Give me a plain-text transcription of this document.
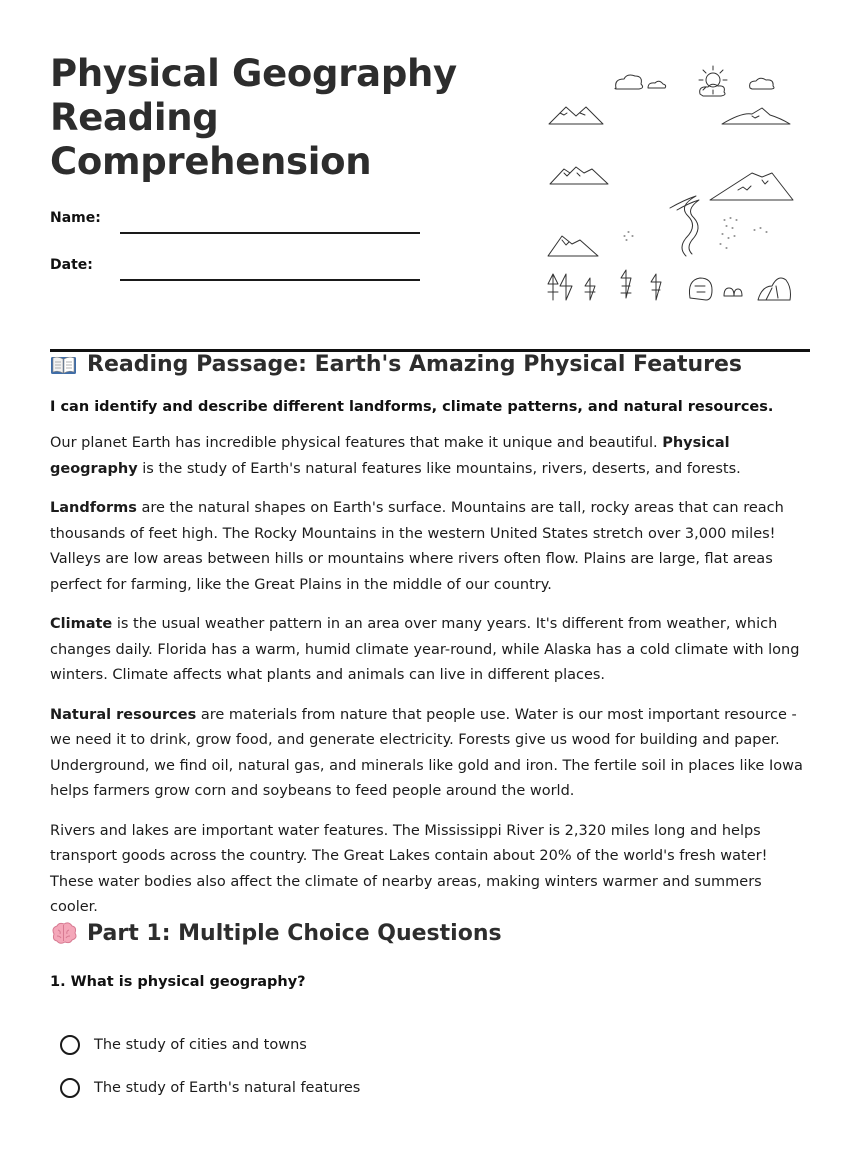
Physical Geography
Reading
Comprehension
Name:
Date:
Reading Passage: Earth's Amazing Physical Features

I can identify and describe different landforms, climate patterns, and natural resources.

Our planet Earth has incredible physical features that make it unique and beautiful. Physical geography is the study of Earth's natural features like mountains, rivers, deserts, and forests.

Landforms are the natural shapes on Earth's surface. Mountains are tall, rocky areas that can reach thousands of feet high. The Rocky Mountains in the western United States stretch over 3,000 miles! Valleys are low areas between hills or mountains where rivers often flow. Plains are large, flat areas perfect for farming, like the Great Plains in the middle of our country.

Climate is the usual weather pattern in an area over many years. It's different from weather, which changes daily. Florida has a warm, humid climate year-round, while Alaska has a cold climate with long winters. Climate affects what plants and animals can live in different places.

Natural resources are materials from nature that people use. Water is our most important resource - we need it to drink, grow food, and generate electricity. Forests give us wood for building and paper. Underground, we find oil, natural gas, and minerals like gold and iron. The fertile soil in places like Iowa helps farmers grow corn and soybeans to feed people around the world.

Rivers and lakes are important water features. The Mississippi River is 2,320 miles long and helps transport goods across the country. The Great Lakes contain about 20% of the world's fresh water! These water bodies also affect the climate of nearby areas, making winters warmer and summers cooler.

Part 1: Multiple Choice Questions

1. What is physical geography?

The study of cities and towns
The study of Earth's natural features
